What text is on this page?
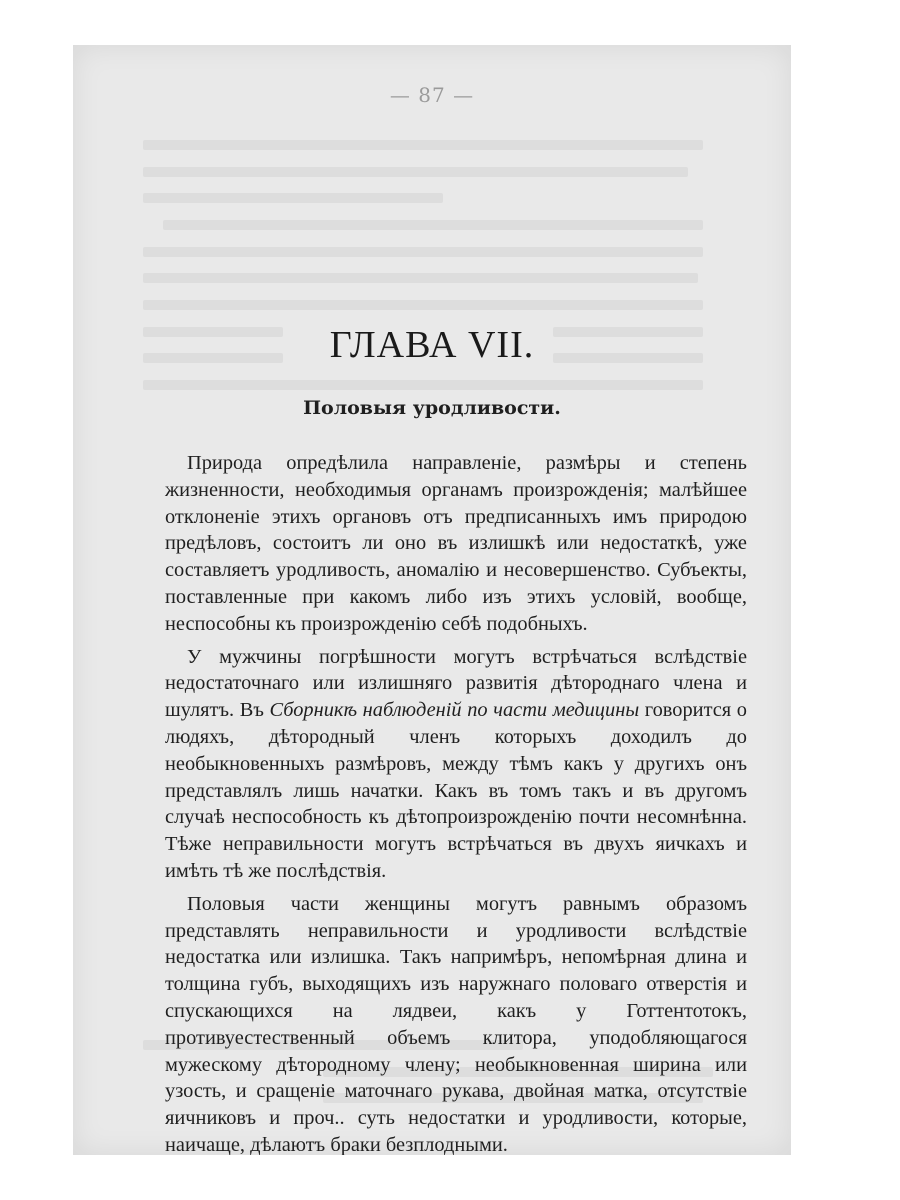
— 87 —
ГЛАВА VII.
Половыя уродливости.

Природа опредѣлила направленіе, размѣры и степень жизненности, необходимыя органамъ произрожденія; малѣйшее отклоненіе этихъ органовъ отъ предписанныхъ имъ природою предѣловъ, состоитъ ли оно въ излишкѣ или недостаткѣ, уже составляетъ уродливость, аномалію и несовершенство. Субъекты, поставленные при какомъ либо изъ этихъ условій, вообще, неспособны къ произрожденію себѣ подобныхъ.

У мужчины погрѣшности могутъ встрѣчаться вслѣдствіе недостаточнаго или излишняго развитія дѣтороднаго члена и шулятъ. Въ Сборникѣ наблюденій по части медицины говорится о людяхъ, дѣтородный членъ которыхъ доходилъ до необыкновенныхъ размѣровъ, между тѣмъ какъ у другихъ онъ представлялъ лишь начатки. Какъ въ томъ такъ и въ другомъ случаѣ неспособность къ дѣтопроизрожденію почти несомнѣнна. Тѣже неправильности могутъ встрѣчаться въ двухъ яичкахъ и имѣть тѣ же послѣдствія.

Половыя части женщины могутъ равнымъ образомъ представлять неправильности и уродливости вслѣдствіе недостатка или излишка. Такъ напримѣръ, непомѣрная длина и толщина губъ, выходящихъ изъ наружнаго половаго отверстія и спускающихся на лядвеи, какъ у Готтентотокъ, противуестественный объемъ клитора, уподобляющагося мужескому дѣтородному члену; необыкновенная ширина или узость, и сращеніе маточнаго рукава, двойная матка, отсутствіе яичниковъ и проч.. суть недостатки и уродливости, которые, наичаще, дѣлаютъ браки безплодными.
